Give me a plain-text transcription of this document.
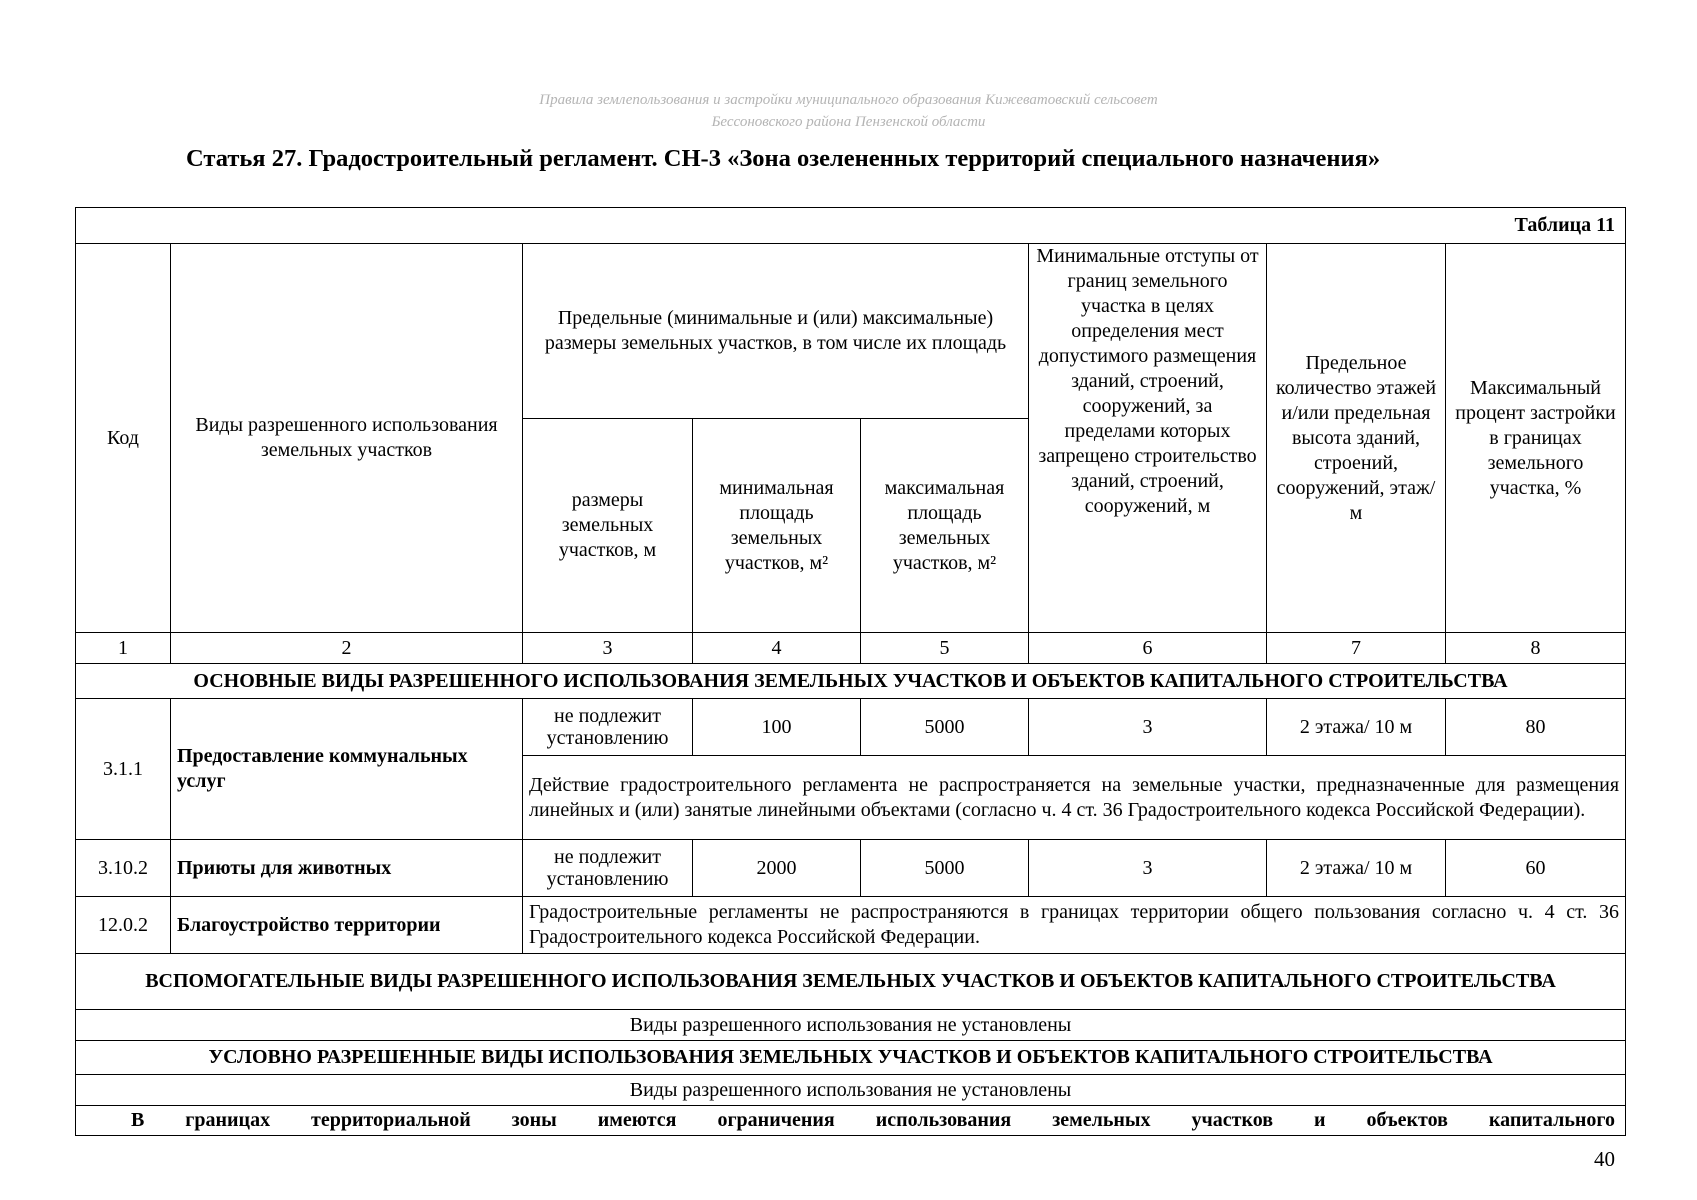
Правила землепользования и застройки муниципального образования Кижеватовский сельсовет
Бессоновского района Пензенской области
Статья 27. Градостроительный регламент. СН-3 «Зона озелененных территорий специального назначения»
Таблица 11							
Код	Виды разрешенного использования земельных участков	Предельные (минимальные и (или) максимальные) размеры земельных участков, в том числе их площадь			Минимальные отступы от границ земельного участка в целях определения мест допустимого размещения зданий, строений, сооружений, за пределами которых запрещено строительство зданий, строений, сооружений, м	Предельное количество этажей и/или предельная высота зданий, строений, сооружений, этаж/м	Максимальный процент застройки в границах земельного участка, %
		размеры земельных участков, м	минимальная площадь земельных участков, м²	максимальная площадь земельных участков, м²			
1	2	3	4	5	6	7	8
ОСНОВНЫЕ ВИДЫ РАЗРЕШЕННОГО ИСПОЛЬЗОВАНИЯ ЗЕМЕЛЬНЫХ УЧАСТКОВ И ОБЪЕКТОВ КАПИТАЛЬНОГО СТРОИТЕЛЬСТВА							
3.1.1	Предоставление коммунальных услуг	не подлежит установлению	100	5000	3	2 этажа/ 10 м	80
		Действие градостроительного регламента не распространяется на земельные участки, предназначенные для размещения линейных и (или) занятые линейными объектами (согласно ч. 4 ст. 36 Градостроительного кодекса Российской Федерации).					
3.10.2	Приюты для животных	не подлежит установлению	2000	5000	3	2 этажа/ 10 м	60
12.0.2	Благоустройство территории	Градостроительные регламенты не распространяются в границах территории общего пользования согласно ч. 4 ст. 36 Градостроительного кодекса Российской Федерации.					
ВСПОМОГАТЕЛЬНЫЕ ВИДЫ РАЗРЕШЕННОГО ИСПОЛЬЗОВАНИЯ ЗЕМЕЛЬНЫХ УЧАСТКОВ И ОБЪЕКТОВ КАПИТАЛЬНОГО СТРОИТЕЛЬСТВА							
Виды разрешенного использования не установлены							
УСЛОВНО РАЗРЕШЕННЫЕ ВИДЫ ИСПОЛЬЗОВАНИЯ ЗЕМЕЛЬНЫХ УЧАСТКОВ И ОБЪЕКТОВ КАПИТАЛЬНОГО СТРОИТЕЛЬСТВА							
Виды разрешенного использования не установлены							
В границах территориальной зоны имеются ограничения использования земельных участков и объектов капитального							
40
